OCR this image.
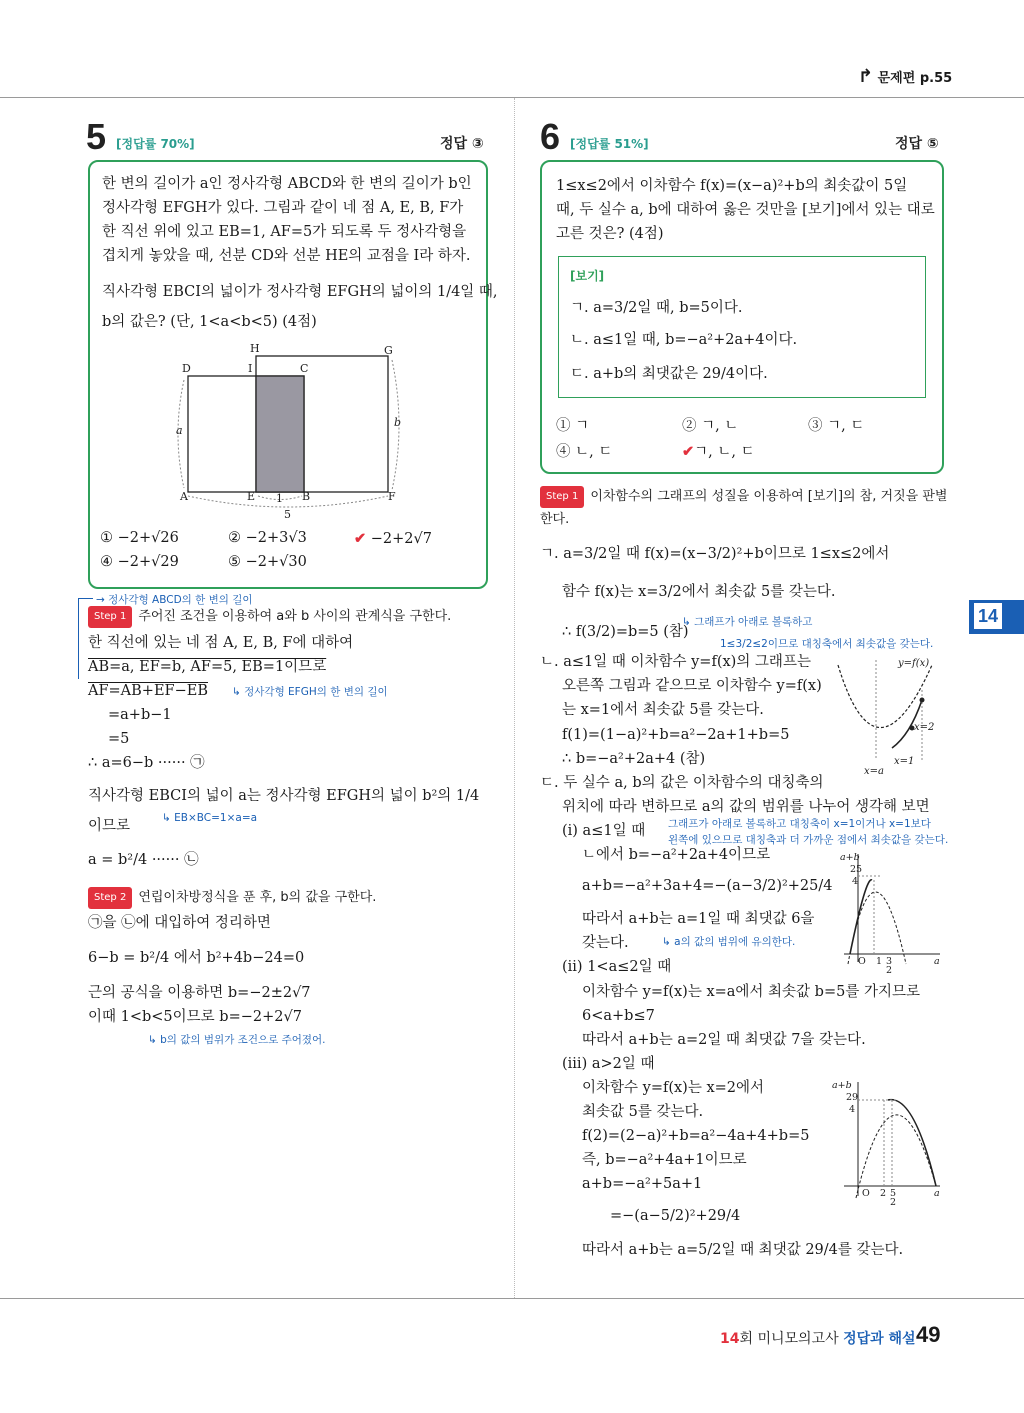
↱ 문제편 p.55
5 [정답률 70%]	정답 ③
한 변의 길이가 a인 정사각형 ABCD와 한 변의 길이가 b인
정사각형 EFGH가 있다. 그림과 같이 네 점 A, E, B, F가
한 직선 위에 있고 EB=1, AF=5가 되도록 두 정사각형을
겹치게 놓았을 때, 선분 CD와 선분 HE의 교점을 I라 하자.
직사각형 EBCI의 넓이가 정사각형 EFGH의 넓이의 1/4일 때,
b의 값은? (단, 1<a<b<5) (4점)
H	G
D	I	C
a
b
A	E 1 B	F
5
① −2+√26	② −2+3√3	✔ −2+2√7
④ −2+√29	⑤ −2+√30
→ 정사각형 ABCD의 한 변의 길이
Step 1 주어진 조건을 이용하여 a와 b 사이의 관계식을 구한다.
한 직선에 있는 네 점 A, E, B, F에 대하여
AB=a, EF=b, AF=5, EB=1이므로
AF=AB+EF−EB ↳ 정사각형 EFGH의 한 변의 길이
=a+b−1
=5
∴ a=6−b ······ ㉠
직사각형 EBCI의 넓이 a는 정사각형 EFGH의 넓이 b²의 1/4
↳ EB×BC=1×a=a
이므로
a = b²/4 ······ ㉡
Step 2 연립이차방정식을 푼 후, b의 값을 구한다.
㉠을 ㉡에 대입하여 정리하면
6−b = b²/4 에서 b²+4b−24=0
근의 공식을 이용하면 b=−2±2√7
이때 1<b<5이므로 b=−2+2√7
↳ b의 값의 범위가 조건으로 주어졌어.
6 [정답률 51%]	정답 ⑤
1≤x≤2에서 이차함수 f(x)=(x−a)²+b의 최솟값이 5일
때, 두 실수 a, b에 대하여 옳은 것만을 [보기]에서 있는 대로
고른 것은? (4점)
[보기]
ㄱ. a=3/2일 때, b=5이다.
ㄴ. a≤1일 때, b=−a²+2a+4이다.
ㄷ. a+b의 최댓값은 29/4이다.
① ㄱ	② ㄱ, ㄴ	③ ㄱ, ㄷ
④ ㄴ, ㄷ	✔ㄱ, ㄴ, ㄷ
Step 1 이차함수의 그래프의 성질을 이용하여 [보기]의 참, 거짓을 판별
한다.
ㄱ. a=3/2일 때 f(x)=(x−3/2)²+b이므로 1≤x≤2에서
함수 f(x)는 x=3/2에서 최솟값 5를 갖는다.
↳ 그래프가 아래로 볼록하고
∴ f(3/2)=b=5 (참)
1≤3/2≤2이므로 대칭축에서 최솟값을 갖는다.
ㄴ. a≤1일 때 이차함수 y=f(x)의 그래프는
오른쪽 그림과 같으므로 이차함수 y=f(x)
는 x=1에서 최솟값 5를 갖는다.
f(1)=(1−a)²+b=a²−2a+1+b=5
∴ b=−a²+2a+4 (참)
ㄷ. 두 실수 a, b의 값은 이차함수의 대칭축의
위치에 따라 변하므로 a의 값의 범위를 나누어 생각해 보면
그래프가 아래로 볼록하고 대칭축이 x=1이거나 x=1보다
(i) a≤1일 때
왼쪽에 있으므로 대칭축과 더 가까운 점에서 최솟값을 갖는다.
ㄴ에서 b=−a²+2a+4이므로
a+b=−a²+3a+4=−(a−3/2)²+25/4
따라서 a+b는 a=1일 때 최댓값 6을
갖는다.	↳ a의 값의 범위에 유의한다.
(ii) 1<a≤2일 때
이차함수 y=f(x)는 x=a에서 최솟값 b=5를 가지므로
6<a+b≤7
따라서 a+b는 a=2일 때 최댓값 7을 갖는다.
(iii) a>2일 때
이차함수 y=f(x)는 x=2에서
최솟값 5를 갖는다.
f(2)=(2−a)²+b=a²−4a+4+b=5
즉, b=−a²+4a+1이므로
a+b=−a²+5a+1
=−(a−5/2)²+29/4
따라서 a+b는 a=5/2일 때 최댓값 29/4를 갖는다.
y=f(x)
x=2
x=1
x=a
a+b
25
4
O 1 3
2
a
a+b
29
4
O 2 5
2
a
14
14회 미니모의고사 정답과 해설 49
